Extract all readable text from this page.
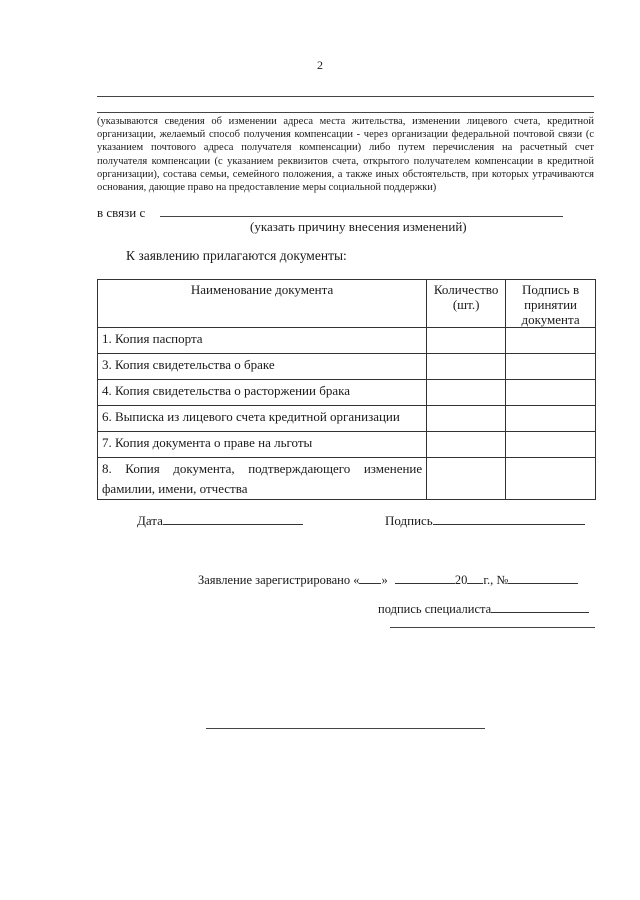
2
(указываются сведения об изменении адреса места жительства, изменении лицевого счета, кредитной организации, желаемый способ получения компенсации - через организации федеральной почтовой связи (с указанием почтового адреса получателя компенсации) либо путем перечисления на расчетный счет получателя компенсации (с указанием реквизитов счета, открытого получателем компенсации в кредитной организации), состава семьи, семейного положения, а также иных обстоятельств, при которых утрачиваются основания, дающие право на предоставление меры социальной поддержки)
в связи с
(указать причину внесения изменений)
К заявлению прилагаются документы:
Наименование документа	Количество (шт.)	Подпись в принятии документа
1. Копия паспорта		
3. Копия свидетельства о браке		
4. Копия свидетельства о расторжении брака		
6. Выписка из лицевого счета кредитной организации		
7. Копия документа о праве на льготы		
8. Копия документа, подтверждающего изменение фамилии, имени, отчества		
Дата	Подпись
Заявление зарегистрировано « »	20 г., №
подпись специалиста
